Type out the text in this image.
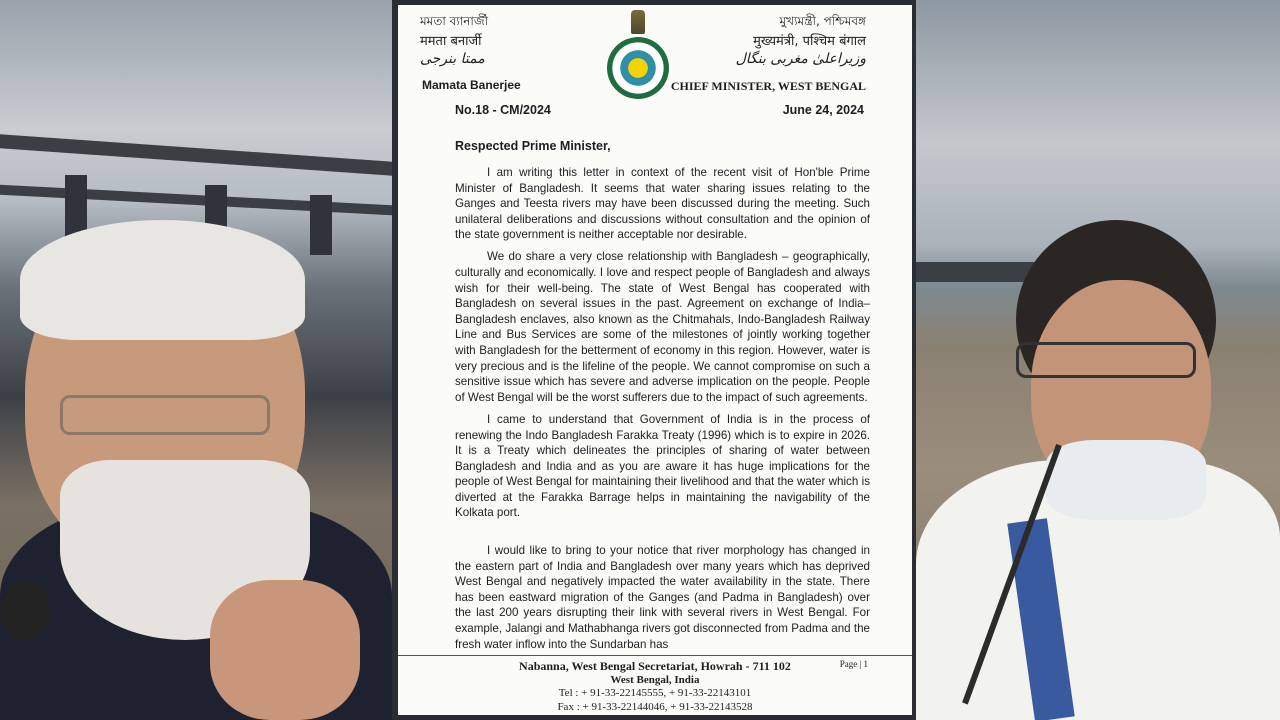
মমতা ব্যানার্জী
ममता बनार्जी
ممتا بنرجی
Mamata Banerjee
মুখ্যমন্ত্রী, পশ্চিমবঙ্গ
मुख्यमंत्री, पश्चिम बंगाल
وزیراعلیٰ مغربی بنگال
CHIEF MINISTER, WEST BENGAL
No.18 - CM/2024	June 24, 2024
Respected Prime Minister,

I am writing this letter in context of the recent visit of Hon'ble Prime Minister of Bangladesh. It seems that water sharing issues relating to the Ganges and Teesta rivers may have been discussed during the meeting. Such unilateral deliberations and discussions without consultation and the opinion of the state government is neither acceptable nor desirable.

We do share a very close relationship with Bangladesh – geographically, culturally and economically. I love and respect people of Bangladesh and always wish for their well-being. The state of West Bengal has cooperated with Bangladesh on several issues in the past. Agreement on exchange of India–Bangladesh enclaves, also known as the Chitmahals, Indo-Bangladesh Railway Line and Bus Services are some of the milestones of jointly working together with Bangladesh for the betterment of economy in this region. However, water is very precious and is the lifeline of the people. We cannot compromise on such a sensitive issue which has severe and adverse implication on the people. People of West Bengal will be the worst sufferers due to the impact of such agreements.

I came to understand that Government of India is in the process of renewing the Indo Bangladesh Farakka Treaty (1996) which is to expire in 2026. It is a Treaty which delineates the principles of sharing of water between Bangladesh and India and as you are aware it has huge implications for the people of West Bengal for maintaining their livelihood and that the water which is diverted at the Farakka Barrage helps in maintaining the navigability of the Kolkata port.

I would like to bring to your notice that river morphology has changed in the eastern part of India and Bangladesh over many years which has deprived West Bengal and negatively impacted the water availability in the state. There has been eastward migration of the Ganges (and Padma in Bangladesh) over the last 200 years disrupting their link with several rivers in West Bengal. For example, Jalangi and Mathabhanga rivers got disconnected from Padma and the fresh water inflow into the Sundarban has

Nabanna, West Bengal Secretariat, Howrah - 711 102
West Bengal, India
Tel : + 91-33-22145555, + 91-33-22143101
Fax : + 91-33-22144046, + 91-33-22143528
Page | 1
